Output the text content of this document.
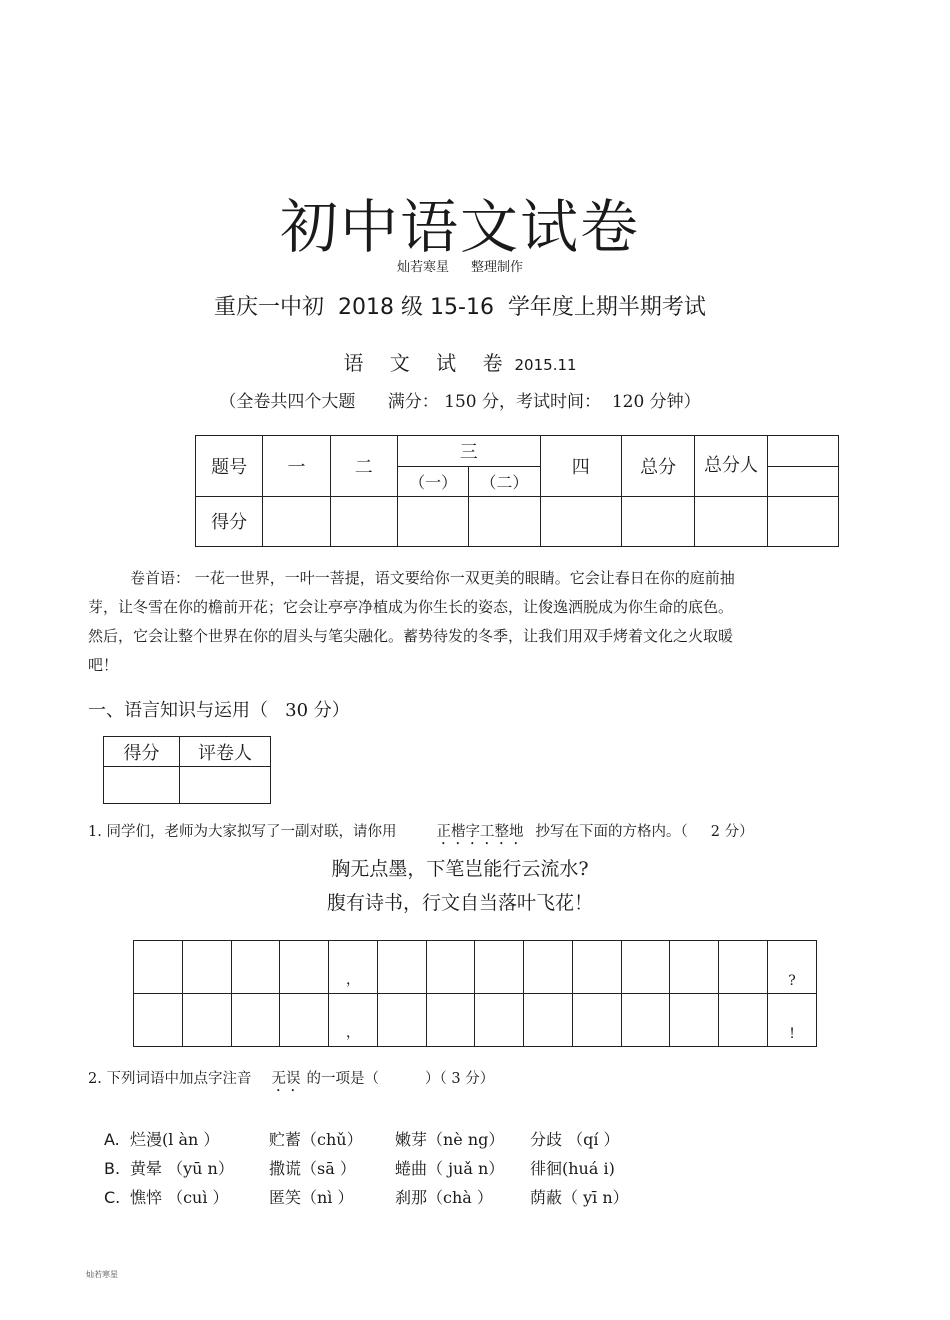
初中语文试卷
灿若寒星 整理制作
重庆一中初  2018 级 15-16  学年度上期半期考试
语 文 试 卷 2015.11
（全卷共四个大题      满分： 150 分，考试时间：  120 分钟）
题号	一	二	三		四	总分	总分人	
			（一）	（二）				
得分								
卷首语： 一花一世界，一叶一菩提，语文要给你一双更美的眼睛。它会让春日在你的庭前抽
芽，让冬雪在你的檐前开花；它会让亭亭净植成为你生长的姿态，让俊逸洒脱成为你生命的底色。
然后，它会让整个世界在你的眉头与笔尖融化。蓄势待发的冬季，让我们用双手烤着文化之火取暖
吧！
一、语言知识与运用（   30 分）
得分	评卷人

1. 同学们，老师为大家拟写了一副对联，请你用	正楷字工整地 抄写在下面的方格内。（     2 分）
胸无点墨，下笔岂能行云流水?
腹有诗书，行文自当落叶飞花！
				，									?
				，									!
2. 下列词语中加点字注音 无误 的一项是（          ）（ 3 分）
A. 烂漫(l àn ）	贮蓄（chǔ） 嫩芽（nè ng） 分歧 （qí ）
B. 黄晕 （yū n） 撒谎（sā ） 蜷曲（ juǎ n） 徘徊(huá i)
C. 憔悴 （cuì ）	匿笑（nì ）	刹那（chà ） 荫蔽（ yī n）
灿若寒星
